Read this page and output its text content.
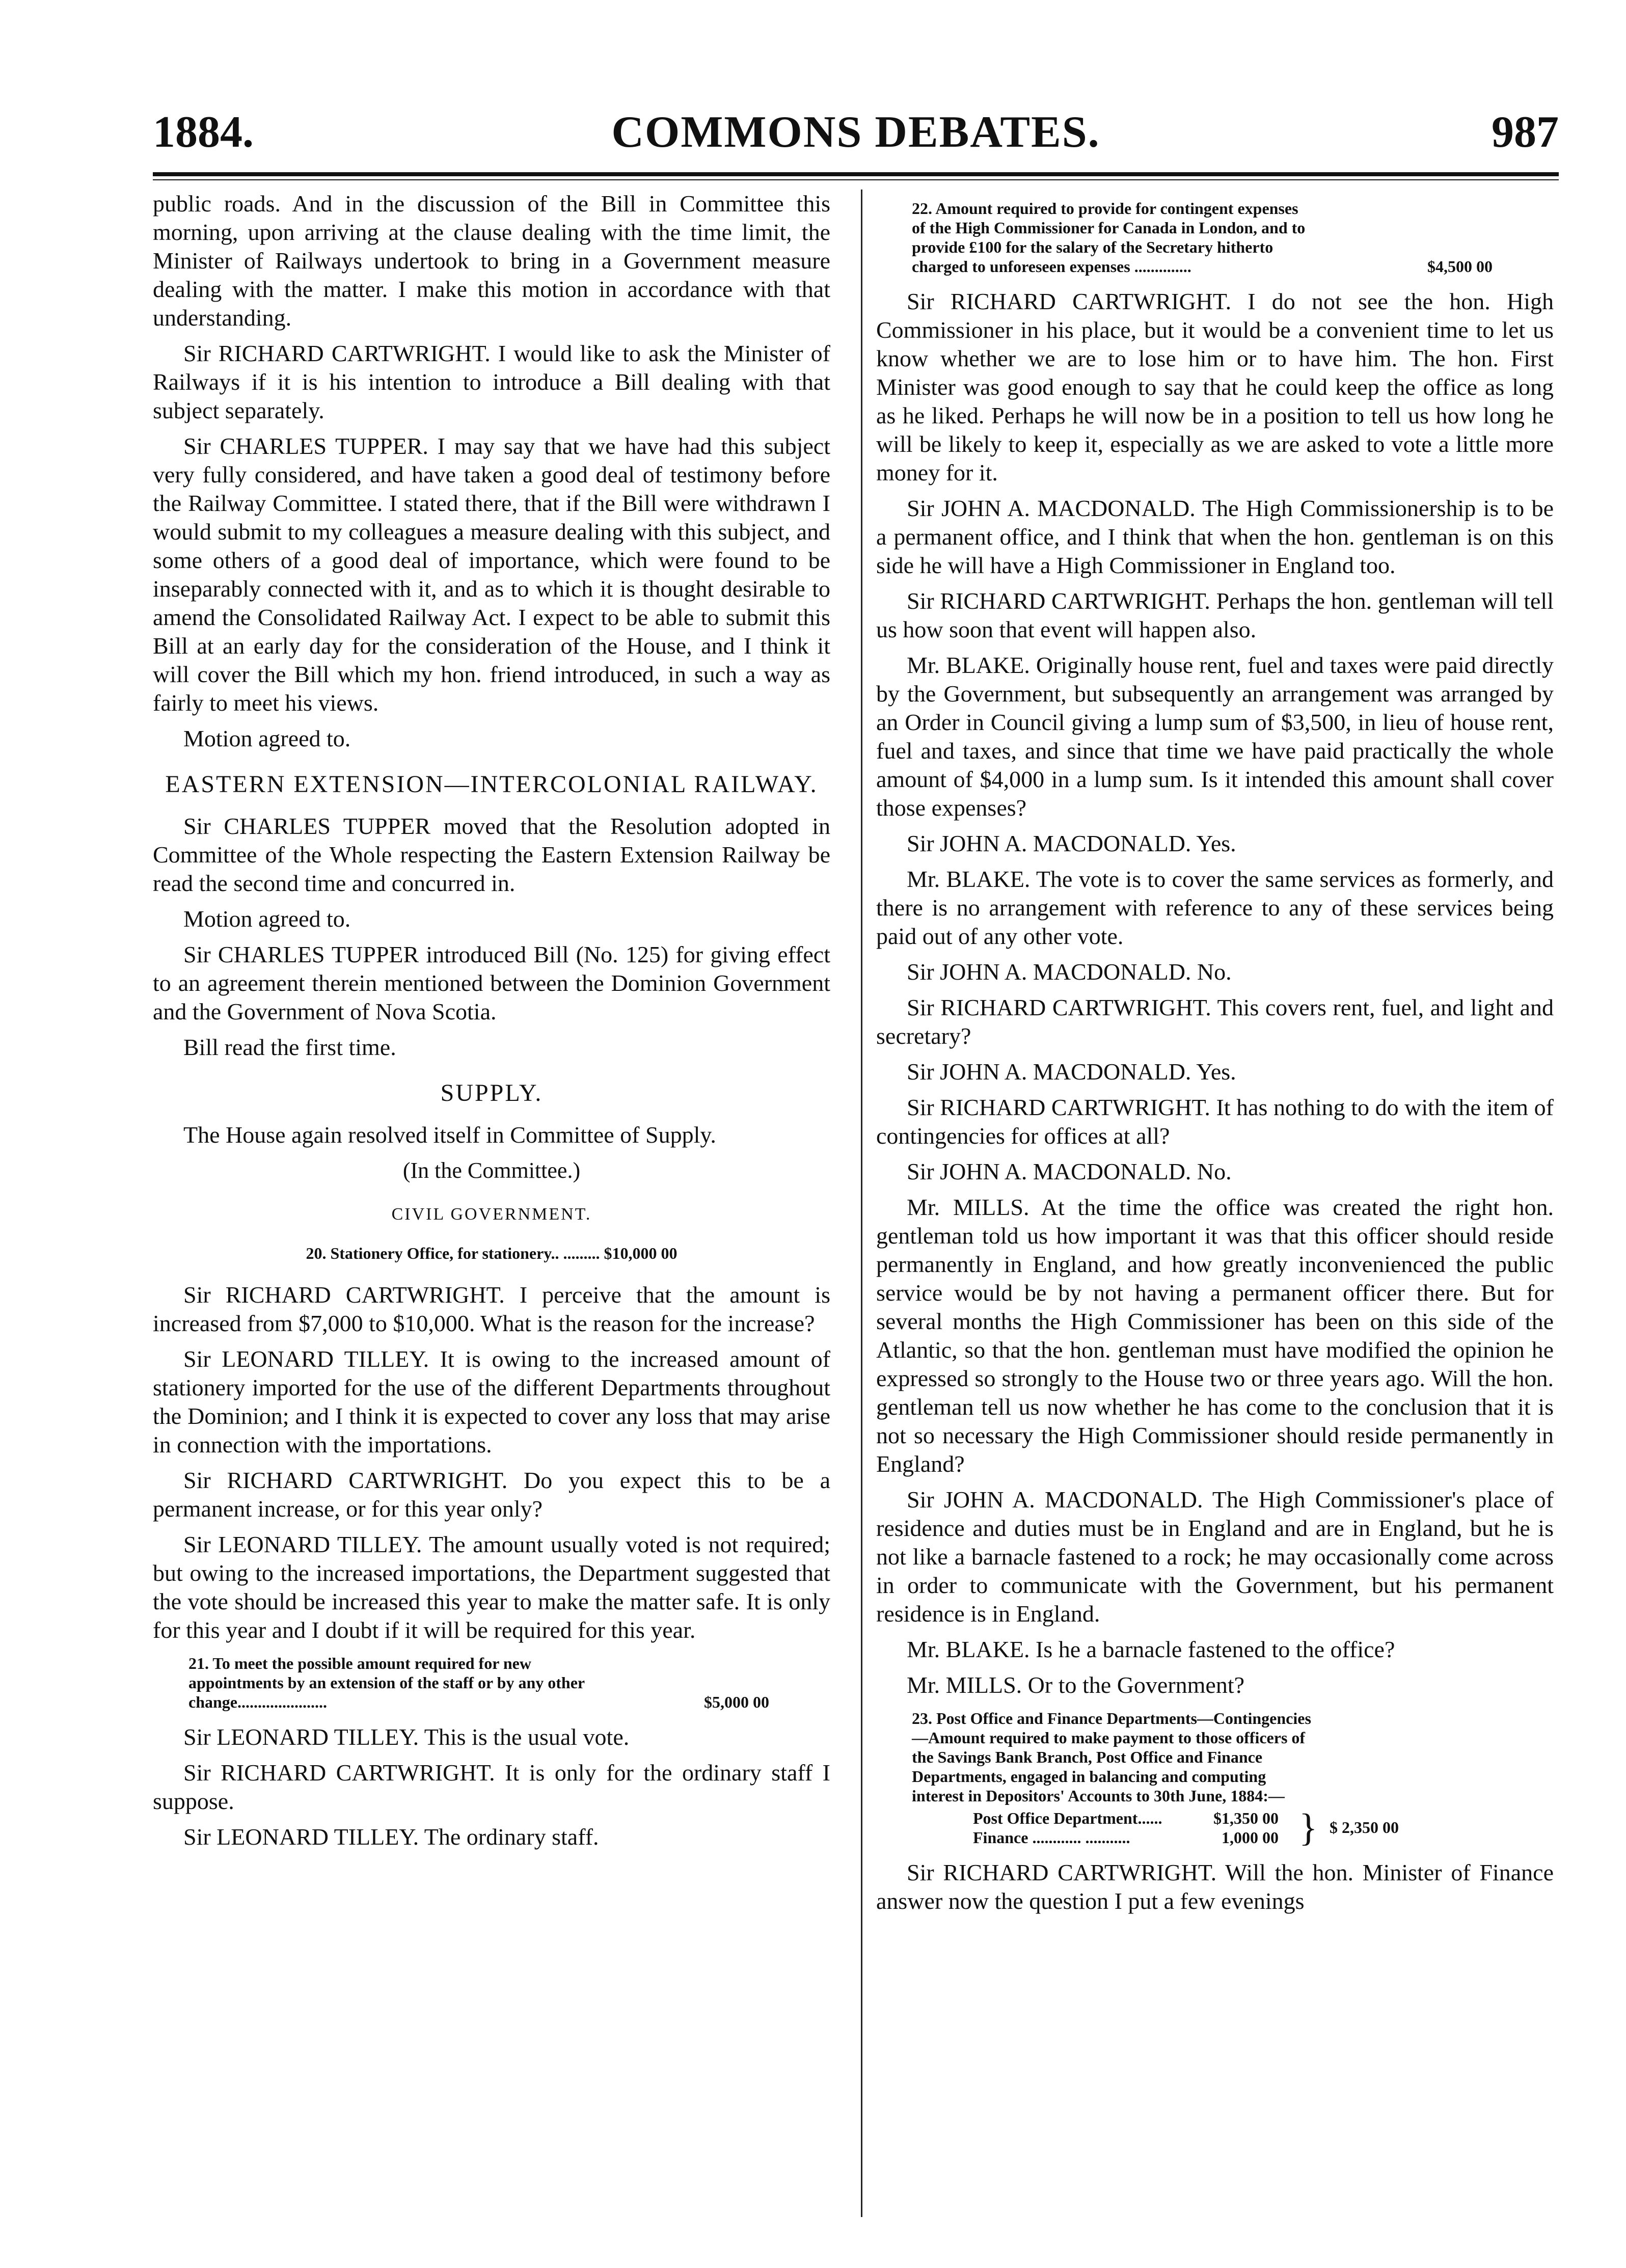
1884.	COMMONS DEBATES.	987

public roads. And in the discussion of the Bill in Committee this morning, upon arriving at the clause dealing with the time limit, the Minister of Railways undertook to bring in a Government measure dealing with the matter. I make this motion in accordance with that understanding.

Sir RICHARD CARTWRIGHT. I would like to ask the Minister of Railways if it is his intention to introduce a Bill dealing with that subject separately.

Sir CHARLES TUPPER. I may say that we have had this subject very fully considered, and have taken a good deal of testimony before the Railway Committee. I stated there, that if the Bill were withdrawn I would submit to my colleagues a measure dealing with this subject, and some others of a good deal of importance, which were found to be inseparably connected with it, and as to which it is thought desirable to amend the Consolidated Railway Act. I expect to be able to submit this Bill at an early day for the consideration of the House, and I think it will cover the Bill which my hon. friend introduced, in such a way as fairly to meet his views.

Motion agreed to.

EASTERN EXTENSION—INTERCOLONIAL RAILWAY.

Sir CHARLES TUPPER moved that the Resolution adopted in Committee of the Whole respecting the Eastern Extension Railway be read the second time and concurred in.

Motion agreed to.

Sir CHARLES TUPPER introduced Bill (No. 125) for giving effect to an agreement therein mentioned between the Dominion Government and the Government of Nova Scotia.

Bill read the first time.

SUPPLY.

The House again resolved itself in Committee of Supply.

(In the Committee.)
CIVIL GOVERNMENT.
20. Stationery Office, for stationery.. ......... $10,000 00

Sir RICHARD CARTWRIGHT. I perceive that the amount is increased from $7,000 to $10,000. What is the reason for the increase?

Sir LEONARD TILLEY. It is owing to the increased amount of stationery imported for the use of the different Departments throughout the Dominion; and I think it is expected to cover any loss that may arise in connection with the importations.

Sir RICHARD CARTWRIGHT. Do you expect this to be a permanent increase, or for this year only?

Sir LEONARD TILLEY. The amount usually voted is not required; but owing to the increased importations, the Department suggested that the vote should be increased this year to make the matter safe. It is only for this year and I doubt if it will be required for this year.

21. To meet the possible amount required for new appointments by an extension of the staff or by any other change......................	$5,000 00

Sir LEONARD TILLEY. This is the usual vote.

Sir RICHARD CARTWRIGHT. It is only for the ordinary staff I suppose.

Sir LEONARD TILLEY. The ordinary staff.

22. Amount required to provide for contingent expenses of the High Commissioner for Canada in London, and to provide £100 for the salary of the Secretary hitherto charged to unforeseen expenses ..............	$4,500 00

Sir RICHARD CARTWRIGHT. I do not see the hon. High Commissioner in his place, but it would be a convenient time to let us know whether we are to lose him or to have him. The hon. First Minister was good enough to say that he could keep the office as long as he liked. Perhaps he will now be in a position to tell us how long he will be likely to keep it, especially as we are asked to vote a little more money for it.

Sir JOHN A. MACDONALD. The High Commissionership is to be a permanent office, and I think that when the hon. gentleman is on this side he will have a High Commissioner in England too.

Sir RICHARD CARTWRIGHT. Perhaps the hon. gentleman will tell us how soon that event will happen also.

Mr. BLAKE. Originally house rent, fuel and taxes were paid directly by the Government, but subsequently an arrangement was arranged by an Order in Council giving a lump sum of $3,500, in lieu of house rent, fuel and taxes, and since that time we have paid practically the whole amount of $4,000 in a lump sum. Is it intended this amount shall cover those expenses?

Sir JOHN A. MACDONALD. Yes.

Mr. BLAKE. The vote is to cover the same services as formerly, and there is no arrangement with reference to any of these services being paid out of any other vote.

Sir JOHN A. MACDONALD. No.

Sir RICHARD CARTWRIGHT. This covers rent, fuel, and light and secretary?

Sir JOHN A. MACDONALD. Yes.

Sir RICHARD CARTWRIGHT. It has nothing to do with the item of contingencies for offices at all?

Sir JOHN A. MACDONALD. No.

Mr. MILLS. At the time the office was created the right hon. gentleman told us how important it was that this officer should reside permanently in England, and how greatly inconvenienced the public service would be by not having a permanent officer there. But for several months the High Commissioner has been on this side of the Atlantic, so that the hon. gentleman must have modified the opinion he expressed so strongly to the House two or three years ago. Will the hon. gentleman tell us now whether he has come to the conclusion that it is not so necessary the High Commissioner should reside permanently in England?

Sir JOHN A. MACDONALD. The High Commissioner's place of residence and duties must be in England and are in England, but he is not like a barnacle fastened to a rock; he may occasionally come across in order to communicate with the Government, but his permanent residence is in England.

Mr. BLAKE. Is he a barnacle fastened to the office?

Mr. MILLS. Or to the Government?

23. Post Office and Finance Departments—Contingencies—Amount required to make payment to those officers of the Savings Bank Branch, Post Office and Finance Departments, engaged in balancing and computing interest in Depositors' Accounts to 30th June, 1884:—
Post Office Department......	$1,350 00
Finance ............ ...........	1,000 00 } $ 2,350 00

Sir RICHARD CARTWRIGHT. Will the hon. Minister of Finance answer now the question I put a few evenings
